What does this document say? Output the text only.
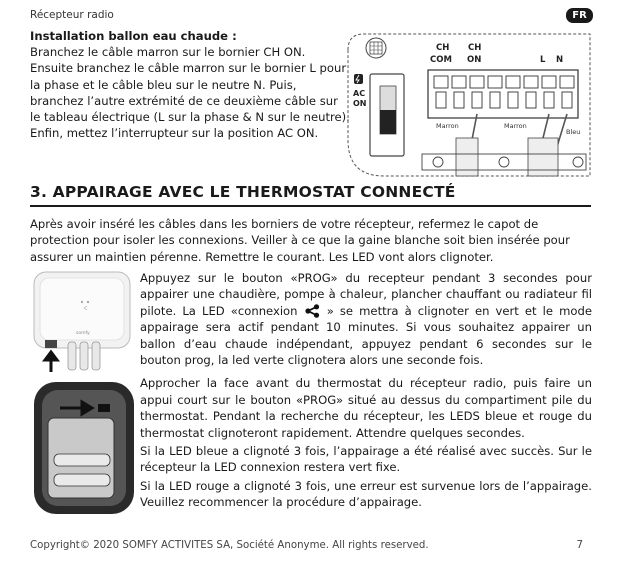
Récepteur radio	FR
Installation ballon eau chaude :
Branchez le câble marron sur le bornier CH ON. Ensuite branchez le câble marron sur le bornier L pour la phase et le câble bleu sur le neutre N. Puis, branchez l’autre extrémité de ce deuxième câble sur le tableau électrique (L sur la phase & N sur le neutre). Enfin, mettez l’interrupteur sur la position AC ON.
AC
ON
CH
COM
CH
ON	L N
Marron	Marron
Bleu
3. APPAIRAGE AVEC LE THERMOSTAT CONNECTÉ
Après avoir inséré les câbles dans les borniers de votre récepteur, refermez le capot de protection pour isoler les connexions. Veiller à ce que la gaine blanche soit bien insérée pour assurer un maintien pérenne. Remettre le courant. Les LED vont alors clignoter.
somfy

Appuyez sur le bouton «PROG» du recepteur pendant 3 secondes pour appairer une chaudière, pompe à chaleur, plancher chauffant ou radiateur fil pilote. La LED «connexion	» se mettra à clignoter en vert et le mode appairage sera actif pendant 10 minutes. Si vous souhaitez appairer un ballon d’eau chaude indépendant, appuyez pendant 6 secondes sur le bouton prog, la led verte clignotera alors une seconde fois.

Approcher la face avant du thermostat du récepteur radio, puis faire un appui court sur le bouton «PROG» situé au dessus du compartiment pile du thermostat. Pendant la recherche du récepteur, les LEDS bleue et rouge du thermostat clignoteront rapidement. Attendre quelques secondes.

Si la LED bleue a clignoté 3 fois, l’appairage a été réalisé avec succès. Sur le récepteur la LED connexion restera vert fixe.

Si la LED rouge a clignoté 3 fois, une erreur est survenue lors de l’appairage. Veuillez recommencer la procédure d’appairage.

Copyright© 2020 SOMFY ACTIVITES SA, Société Anonyme. All rights reserved.	7
